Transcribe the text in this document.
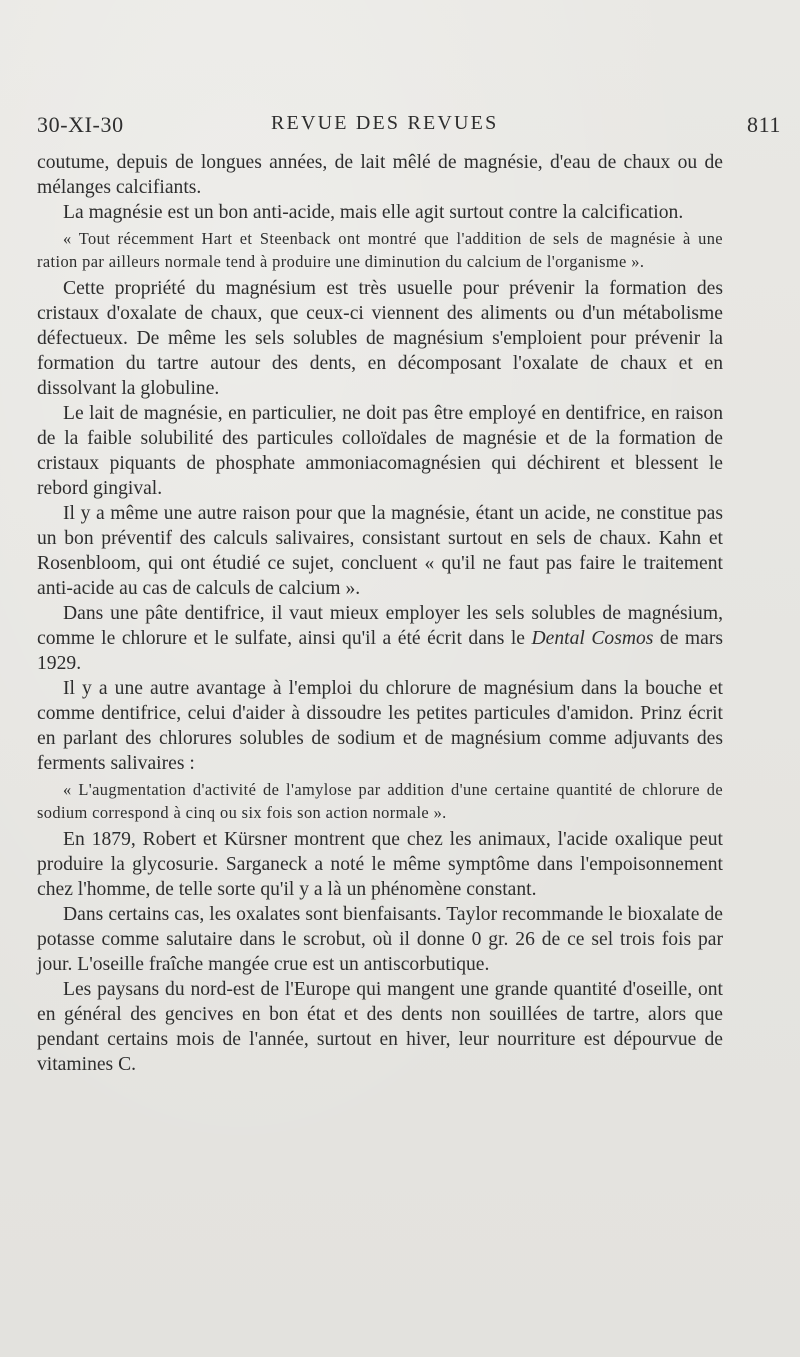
30-XI-30	REVUE DES REVUES	811

coutume, depuis de longues années, de lait mêlé de magnésie, d'eau de chaux ou de mélanges calcifiants.

La magnésie est un bon anti-acide, mais elle agit surtout contre la calcification.

« Tout récemment Hart et Steenback ont montré que l'addition de sels de magnésie à une ration par ailleurs normale tend à produire une diminution du calcium de l'organisme ».

Cette propriété du magnésium est très usuelle pour prévenir la formation des cristaux d'oxalate de chaux, que ceux-ci viennent des aliments ou d'un métabolisme défectueux. De même les sels solubles de magnésium s'emploient pour prévenir la formation du tartre autour des dents, en décomposant l'oxalate de chaux et en dissolvant la globuline.

Le lait de magnésie, en particulier, ne doit pas être employé en dentifrice, en raison de la faible solubilité des particules colloïdales de magnésie et de la formation de cristaux piquants de phosphate ammoniacomagnésien qui déchirent et blessent le rebord gingival.

Il y a même une autre raison pour que la magnésie, étant un acide, ne constitue pas un bon préventif des calculs salivaires, consistant surtout en sels de chaux. Kahn et Rosenbloom, qui ont étudié ce sujet, concluent « qu'il ne faut pas faire le traitement anti-acide au cas de calculs de calcium ».

Dans une pâte dentifrice, il vaut mieux employer les sels solubles de magnésium, comme le chlorure et le sulfate, ainsi qu'il a été écrit dans le Dental Cosmos de mars 1929.

Il y a une autre avantage à l'emploi du chlorure de magnésium dans la bouche et comme dentifrice, celui d'aider à dissoudre les petites particules d'amidon. Prinz écrit en parlant des chlorures solubles de sodium et de magnésium comme adjuvants des ferments salivaires :

« L'augmentation d'activité de l'amylose par addition d'une certaine quantité de chlorure de sodium correspond à cinq ou six fois son action normale ».

En 1879, Robert et Kürsner montrent que chez les animaux, l'acide oxalique peut produire la glycosurie. Sarganeck a noté le même symptôme dans l'empoisonnement chez l'homme, de telle sorte qu'il y a là un phénomène constant.

Dans certains cas, les oxalates sont bienfaisants. Taylor recommande le bioxalate de potasse comme salutaire dans le scrobut, où il donne 0 gr. 26 de ce sel trois fois par jour. L'oseille fraîche mangée crue est un antiscorbutique.

Les paysans du nord-est de l'Europe qui mangent une grande quantité d'oseille, ont en général des gencives en bon état et des dents non souillées de tartre, alors que pendant certains mois de l'année, surtout en hiver, leur nourriture est dépourvue de vitamines C.
